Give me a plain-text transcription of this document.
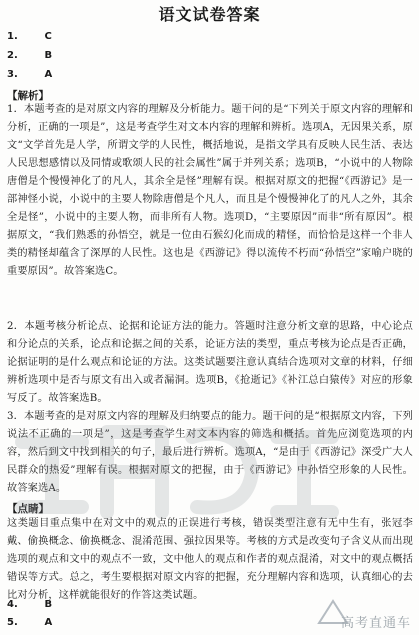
语文试卷答案
1.	C
2.	B
3.	A
【解析】
1．本题考查的是对原文内容的理解及分析能力。题干问的是“下列关于原文内容的理解和分析，正确的一项是”，这是考查学生对文本内容的理解和辨析。选项A，无因果关系，原文“文学首先是人学，所谓文学的人民性，概括地说，是指文学具有反映人民生活、表达人民思想感情以及同情或歌颂人民的社会属性”属于并列关系；选项B，“小说中的人物除唐僧是个慢慢神化了的凡人，其余全是怪”理解有误。根据对原文的把握“《西游记》是一部神怪小说，小说中的主要人物除唐僧是个凡人，而且是个慢慢神化了的凡人之外，其余全是怪”，小说中的主要人物，而非所有人物。选项D，“主要原因”而非“所有原因”。根据原文，“我们熟悉的孙悟空，就是一位由石猴幻化而成的精怪，而恰恰是这样一个非人类的精怪却蕴含了深厚的人民性。这也是《西游记》得以流传不朽而“孙悟空”家喻户晓的重要原因”。故答案选C。
2．本题考核分析论点、论据和论证方法的能力。答题时注意分析文章的思路，中心论点和分论点的关系，论点和论据之间的关系，论证方法的类型，重点考核为论点是否正确，论据证明的是什么观点和论证的方法。这类试题要注意认真结合选项对文章的材料，仔细辨析选项中是否与原文有出入或者漏洞。选项B，《抢逝记》《补江总白猿传》对应的形象写反了。故答案选B。
3．本题考查的是对原文内容的理解及归纳要点的能力。题干问的是“根据原文内容，下列说法不正确的一项是”，这是考查学生对文本内容的筛选和概括。首先应浏览选项的内容，然后到文中找到相关的句子，最后进行辨析。选项A，“是由于《西游记》深受广大人民群众的热爱”理解有误。根据对原文的把握，由于《西游记》中孙悟空形象的人民性。故答案选A。
【点睛】
这类题目重点集中在对文中的观点的正误进行考核，错误类型注意有无中生有，张冠李戴、偷换概念、偷换概念、混淆范围、强拉因果等。考核的方式是改变句子含义从而出现选项的观点和文中的观点不一致，文中他人的观点和作者的观点混淆，对文中的观点概括错误等方式。总之，考生要根据对原文内容的把握，充分理解内容和选项，认真细心的去比对分析，这样就能很好的作答这类试题。
4.	B
5.	A	高考直通车
